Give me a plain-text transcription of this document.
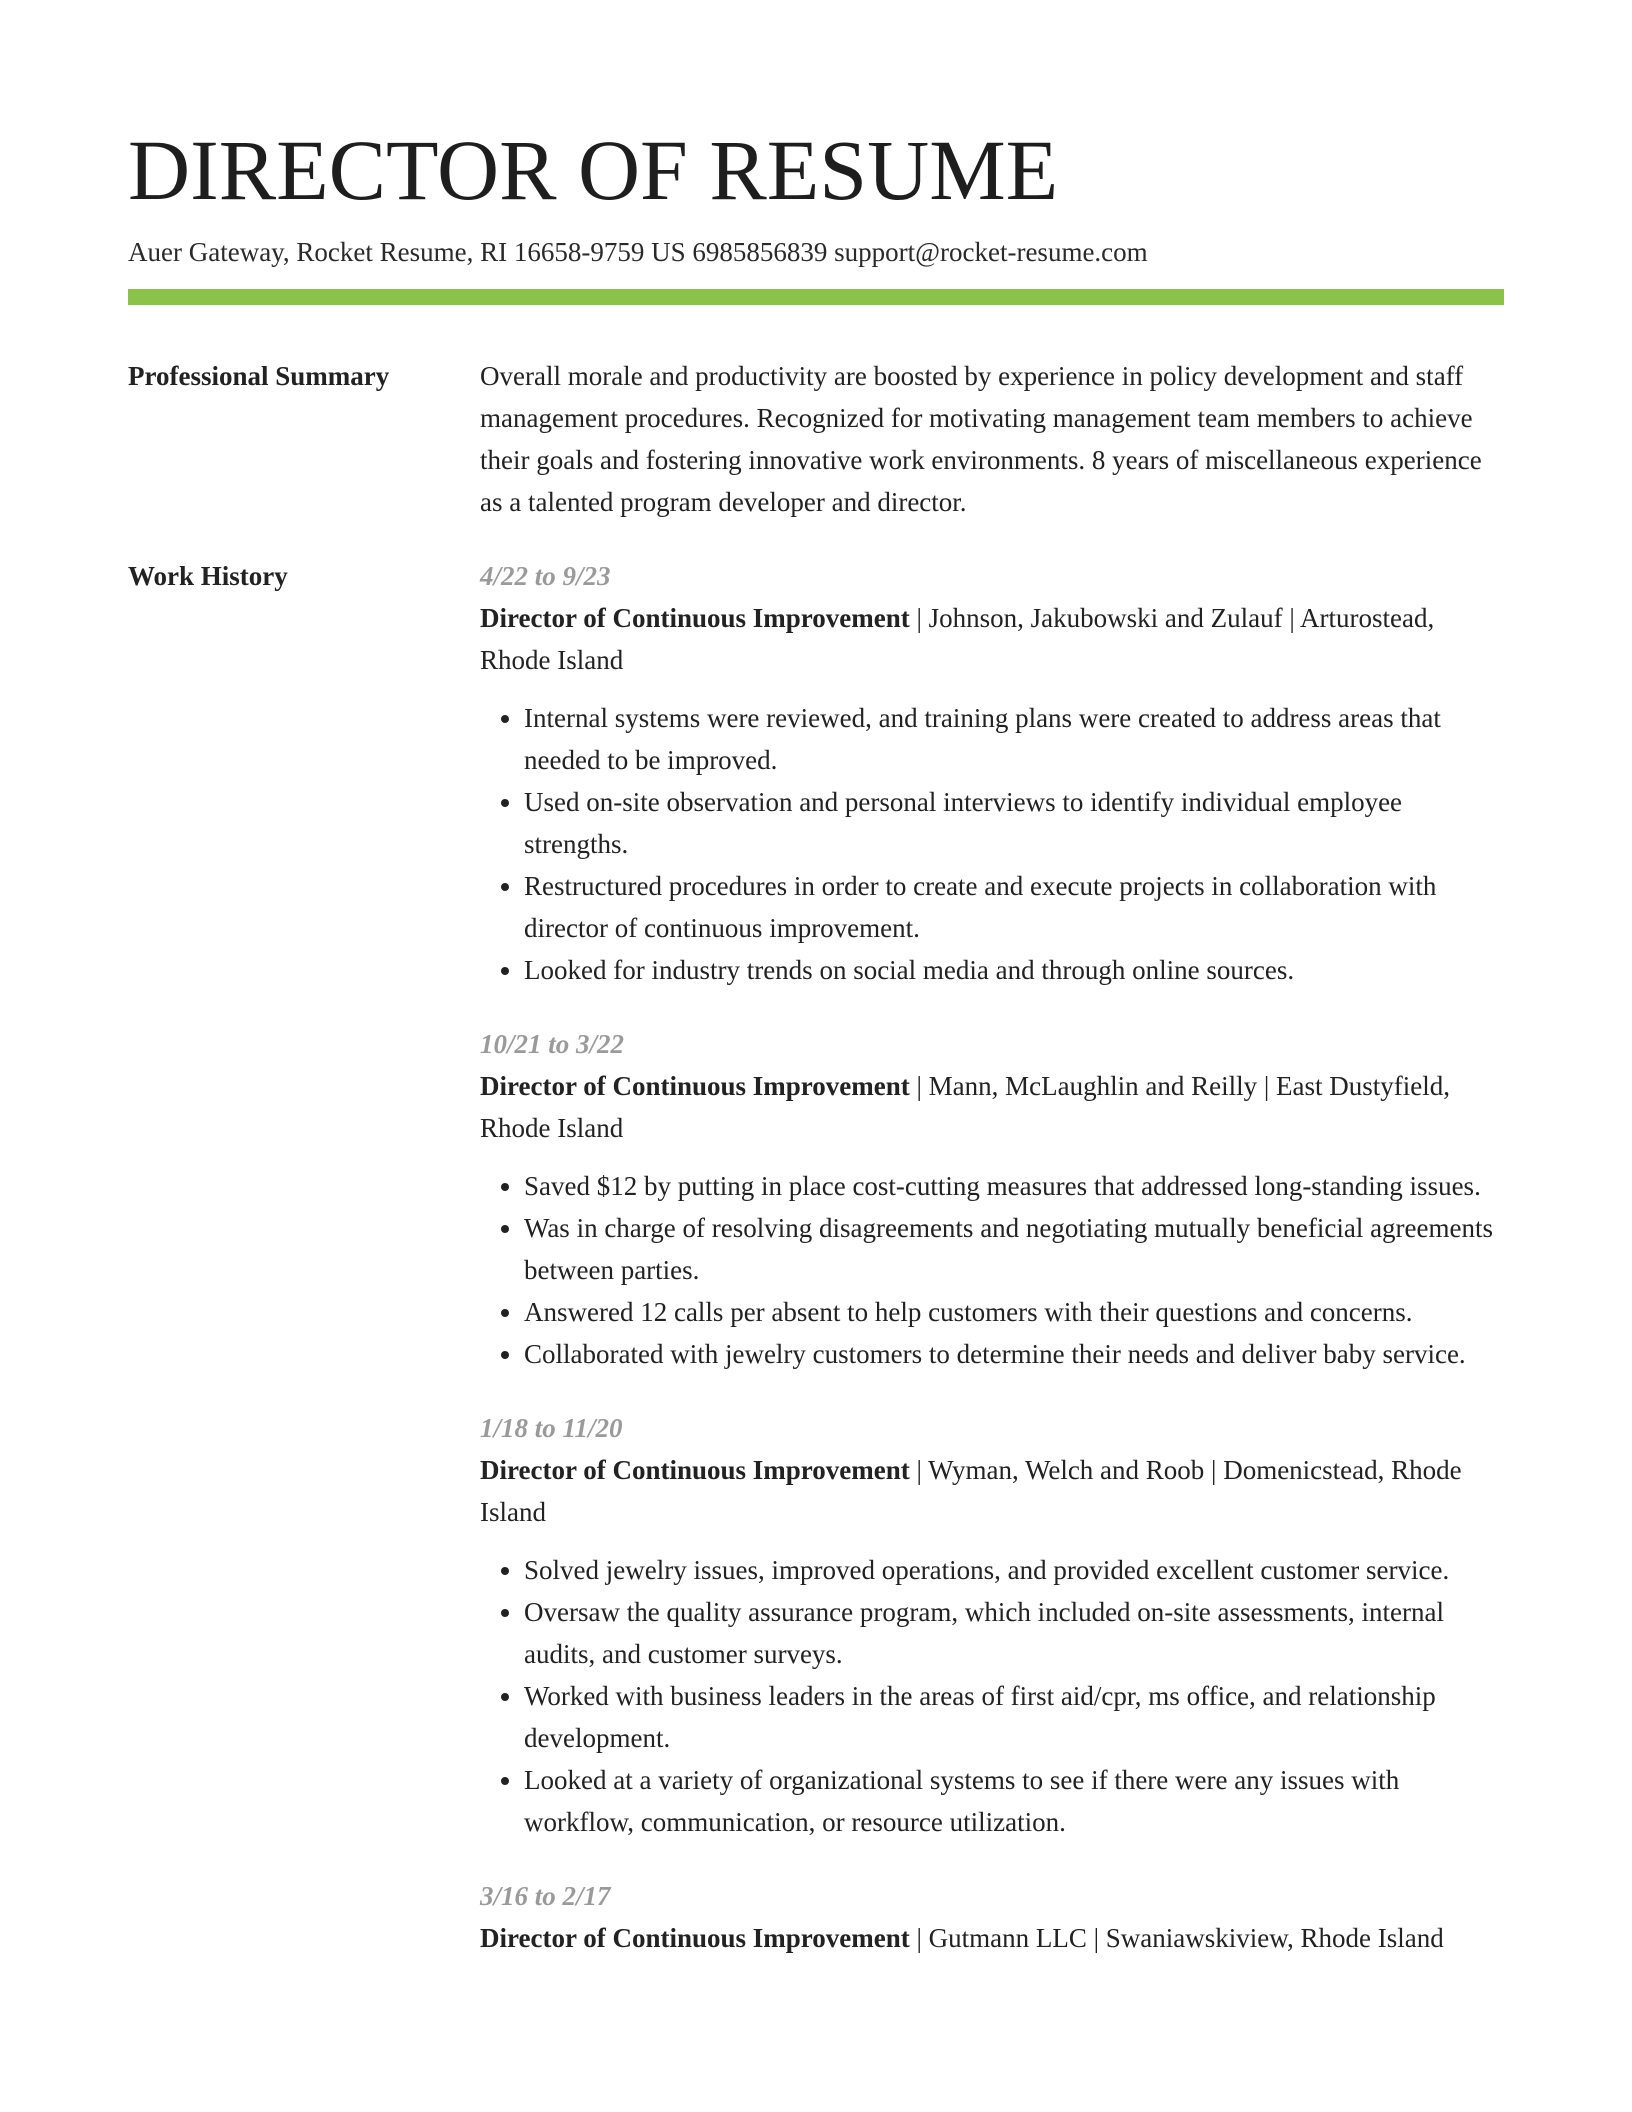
DIRECTOR OF RESUME
Auer Gateway, Rocket Resume, RI 16658-9759 US 6985856839 support@rocket-resume.com
Professional Summary	Overall morale and productivity are boosted by experience in policy development and staff management procedures. Recognized for motivating management team members to achieve their goals and fostering innovative work environments. 8 years of miscellaneous experience as a talented program developer and director.
Work History	4/22 to 9/23
Director of Continuous Improvement | Johnson, Jakubowski and Zulauf | Arturostead, Rhode Island
• Internal systems were reviewed, and training plans were created to address areas that needed to be improved.
• Used on-site observation and personal interviews to identify individual employee strengths.
• Restructured procedures in order to create and execute projects in collaboration with director of continuous improvement.
• Looked for industry trends on social media and through online sources.
10/21 to 3/22
Director of Continuous Improvement | Mann, McLaughlin and Reilly | East Dustyfield, Rhode Island
• Saved $12 by putting in place cost-cutting measures that addressed long-standing issues.
• Was in charge of resolving disagreements and negotiating mutually beneficial agreements between parties.
• Answered 12 calls per absent to help customers with their questions and concerns.
• Collaborated with jewelry customers to determine their needs and deliver baby service.
1/18 to 11/20
Director of Continuous Improvement | Wyman, Welch and Roob | Domenicstead, Rhode Island
• Solved jewelry issues, improved operations, and provided excellent customer service.
• Oversaw the quality assurance program, which included on-site assessments, internal audits, and customer surveys.
• Worked with business leaders in the areas of first aid/cpr, ms office, and relationship development.
• Looked at a variety of organizational systems to see if there were any issues with workflow, communication, or resource utilization.
3/16 to 2/17
Director of Continuous Improvement | Gutmann LLC | Swaniawskiview, Rhode Island
